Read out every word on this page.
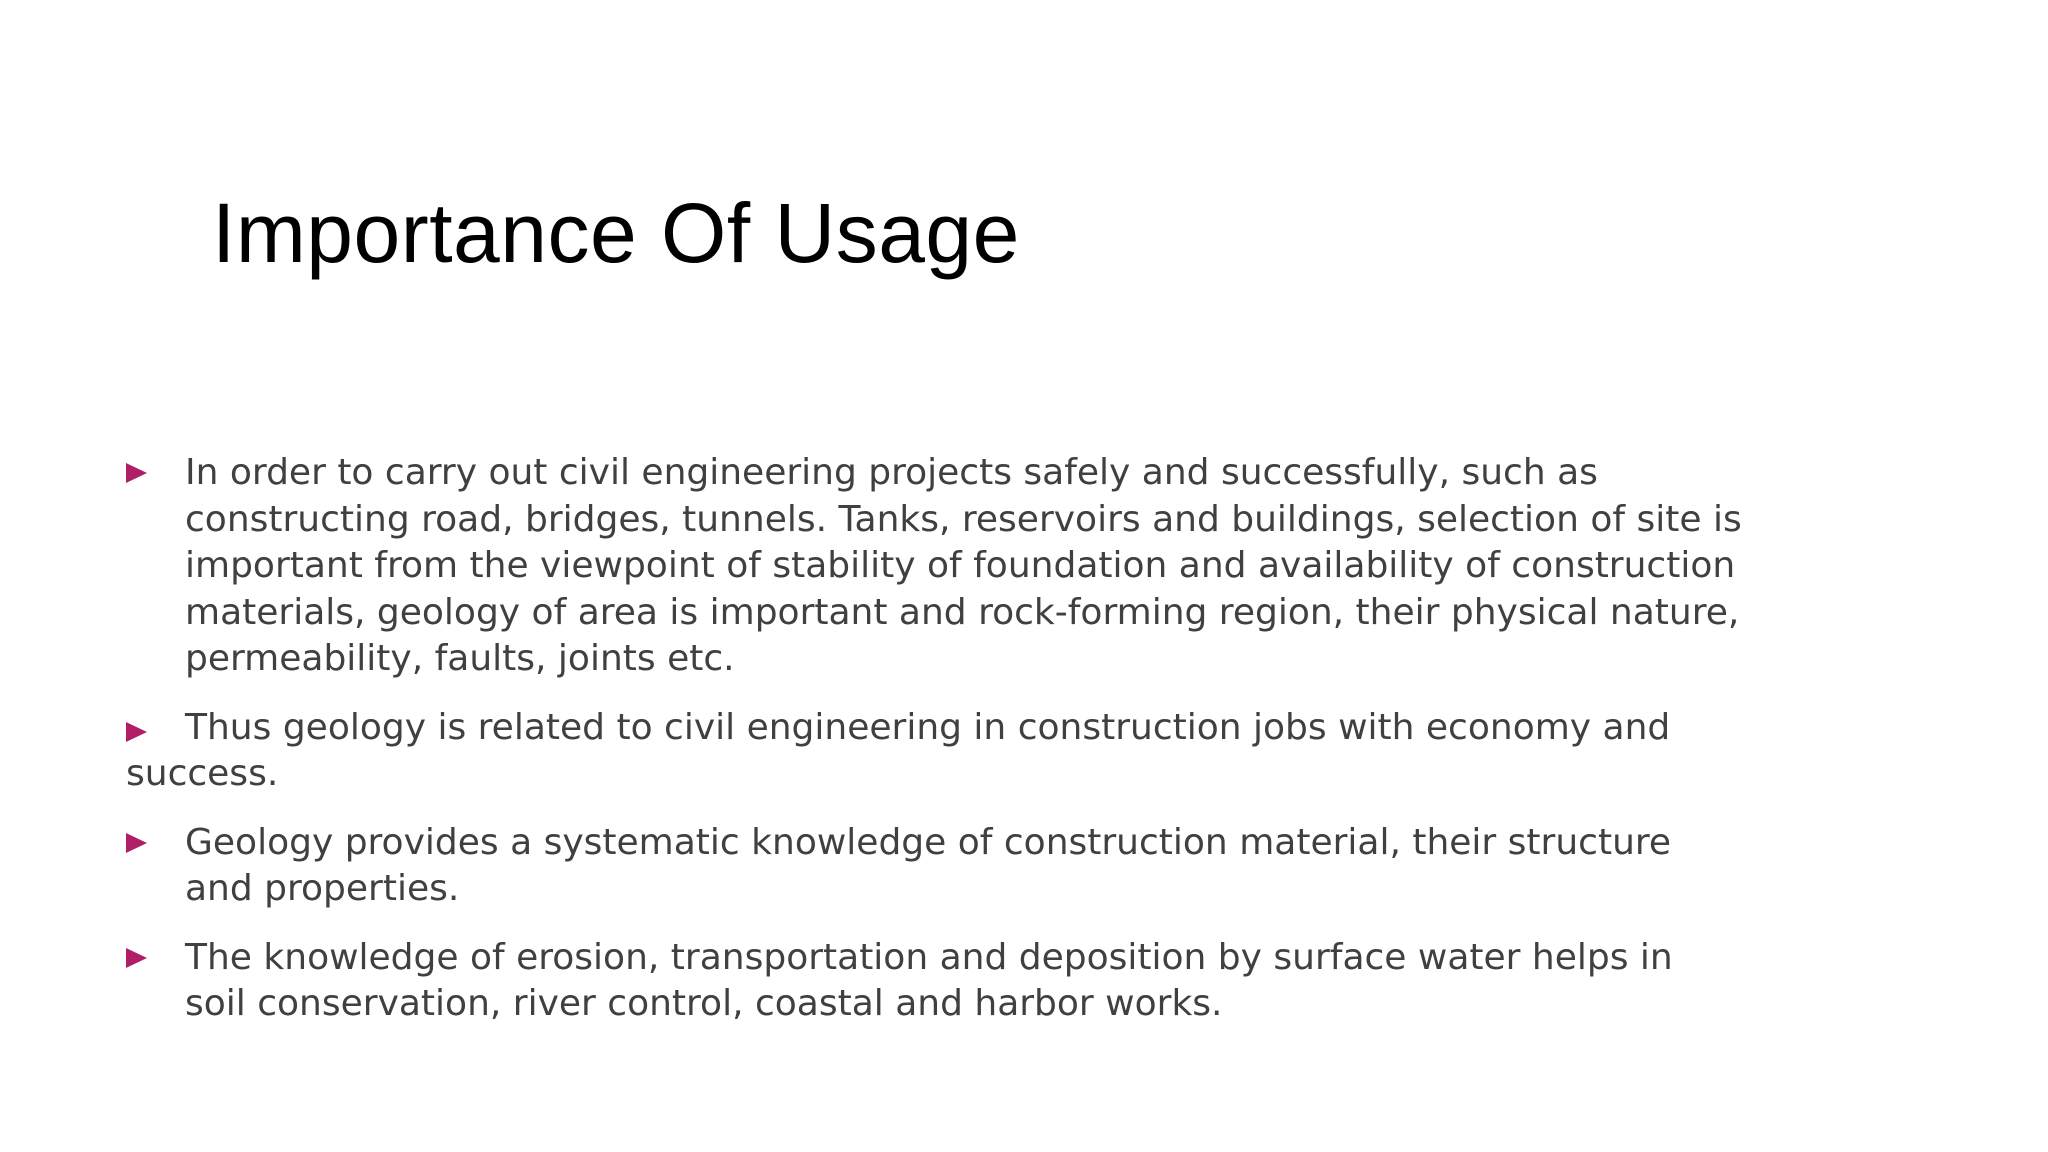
Importance Of Usage
In order to carry out civil engineering projects safely and successfully, such as
constructing road, bridges, tunnels. Tanks, reservoirs and buildings, selection of site is
important from the viewpoint of stability of foundation and availability of construction
materials, geology of area is important and rock-forming region, their physical nature,
permeability, faults, joints etc.
Thus geology is related to civil engineering in construction jobs with economy and
success.
Geology provides a systematic knowledge of construction material, their structure
and properties.
The knowledge of erosion, transportation and deposition by surface water helps in
soil conservation, river control, coastal and harbor works.
